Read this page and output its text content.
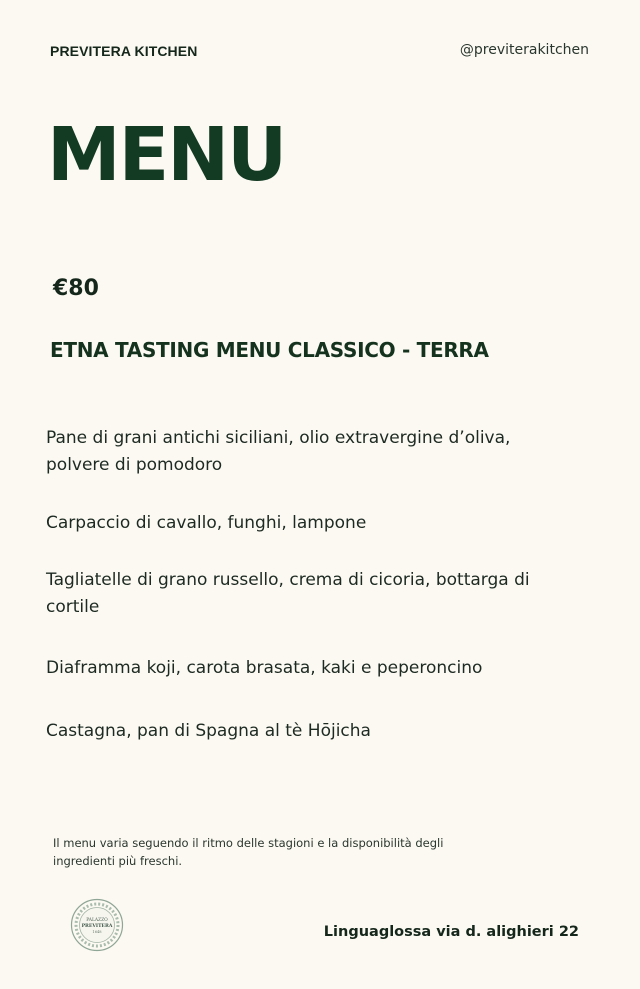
PREVITERA KITCHEN	@previterakitchen
MENU
€80
ETNA TASTING MENU CLASSICO - TERRA
Pane di grani antichi siciliani, olio extravergine d’oliva, polvere di pomodoro
Carpaccio di cavallo, funghi, lampone
Tagliatelle di grano russello, crema di cicoria, bottarga di cortile
Diaframma koji, carota brasata, kaki e peperoncino
Castagna, pan di Spagna al tè Hōjicha
Il menu varia seguendo il ritmo delle stagioni e la disponibilità degli ingredienti più freschi.
PALAZZO
PREVITERA
1648	Linguaglossa via d. alighieri 22
